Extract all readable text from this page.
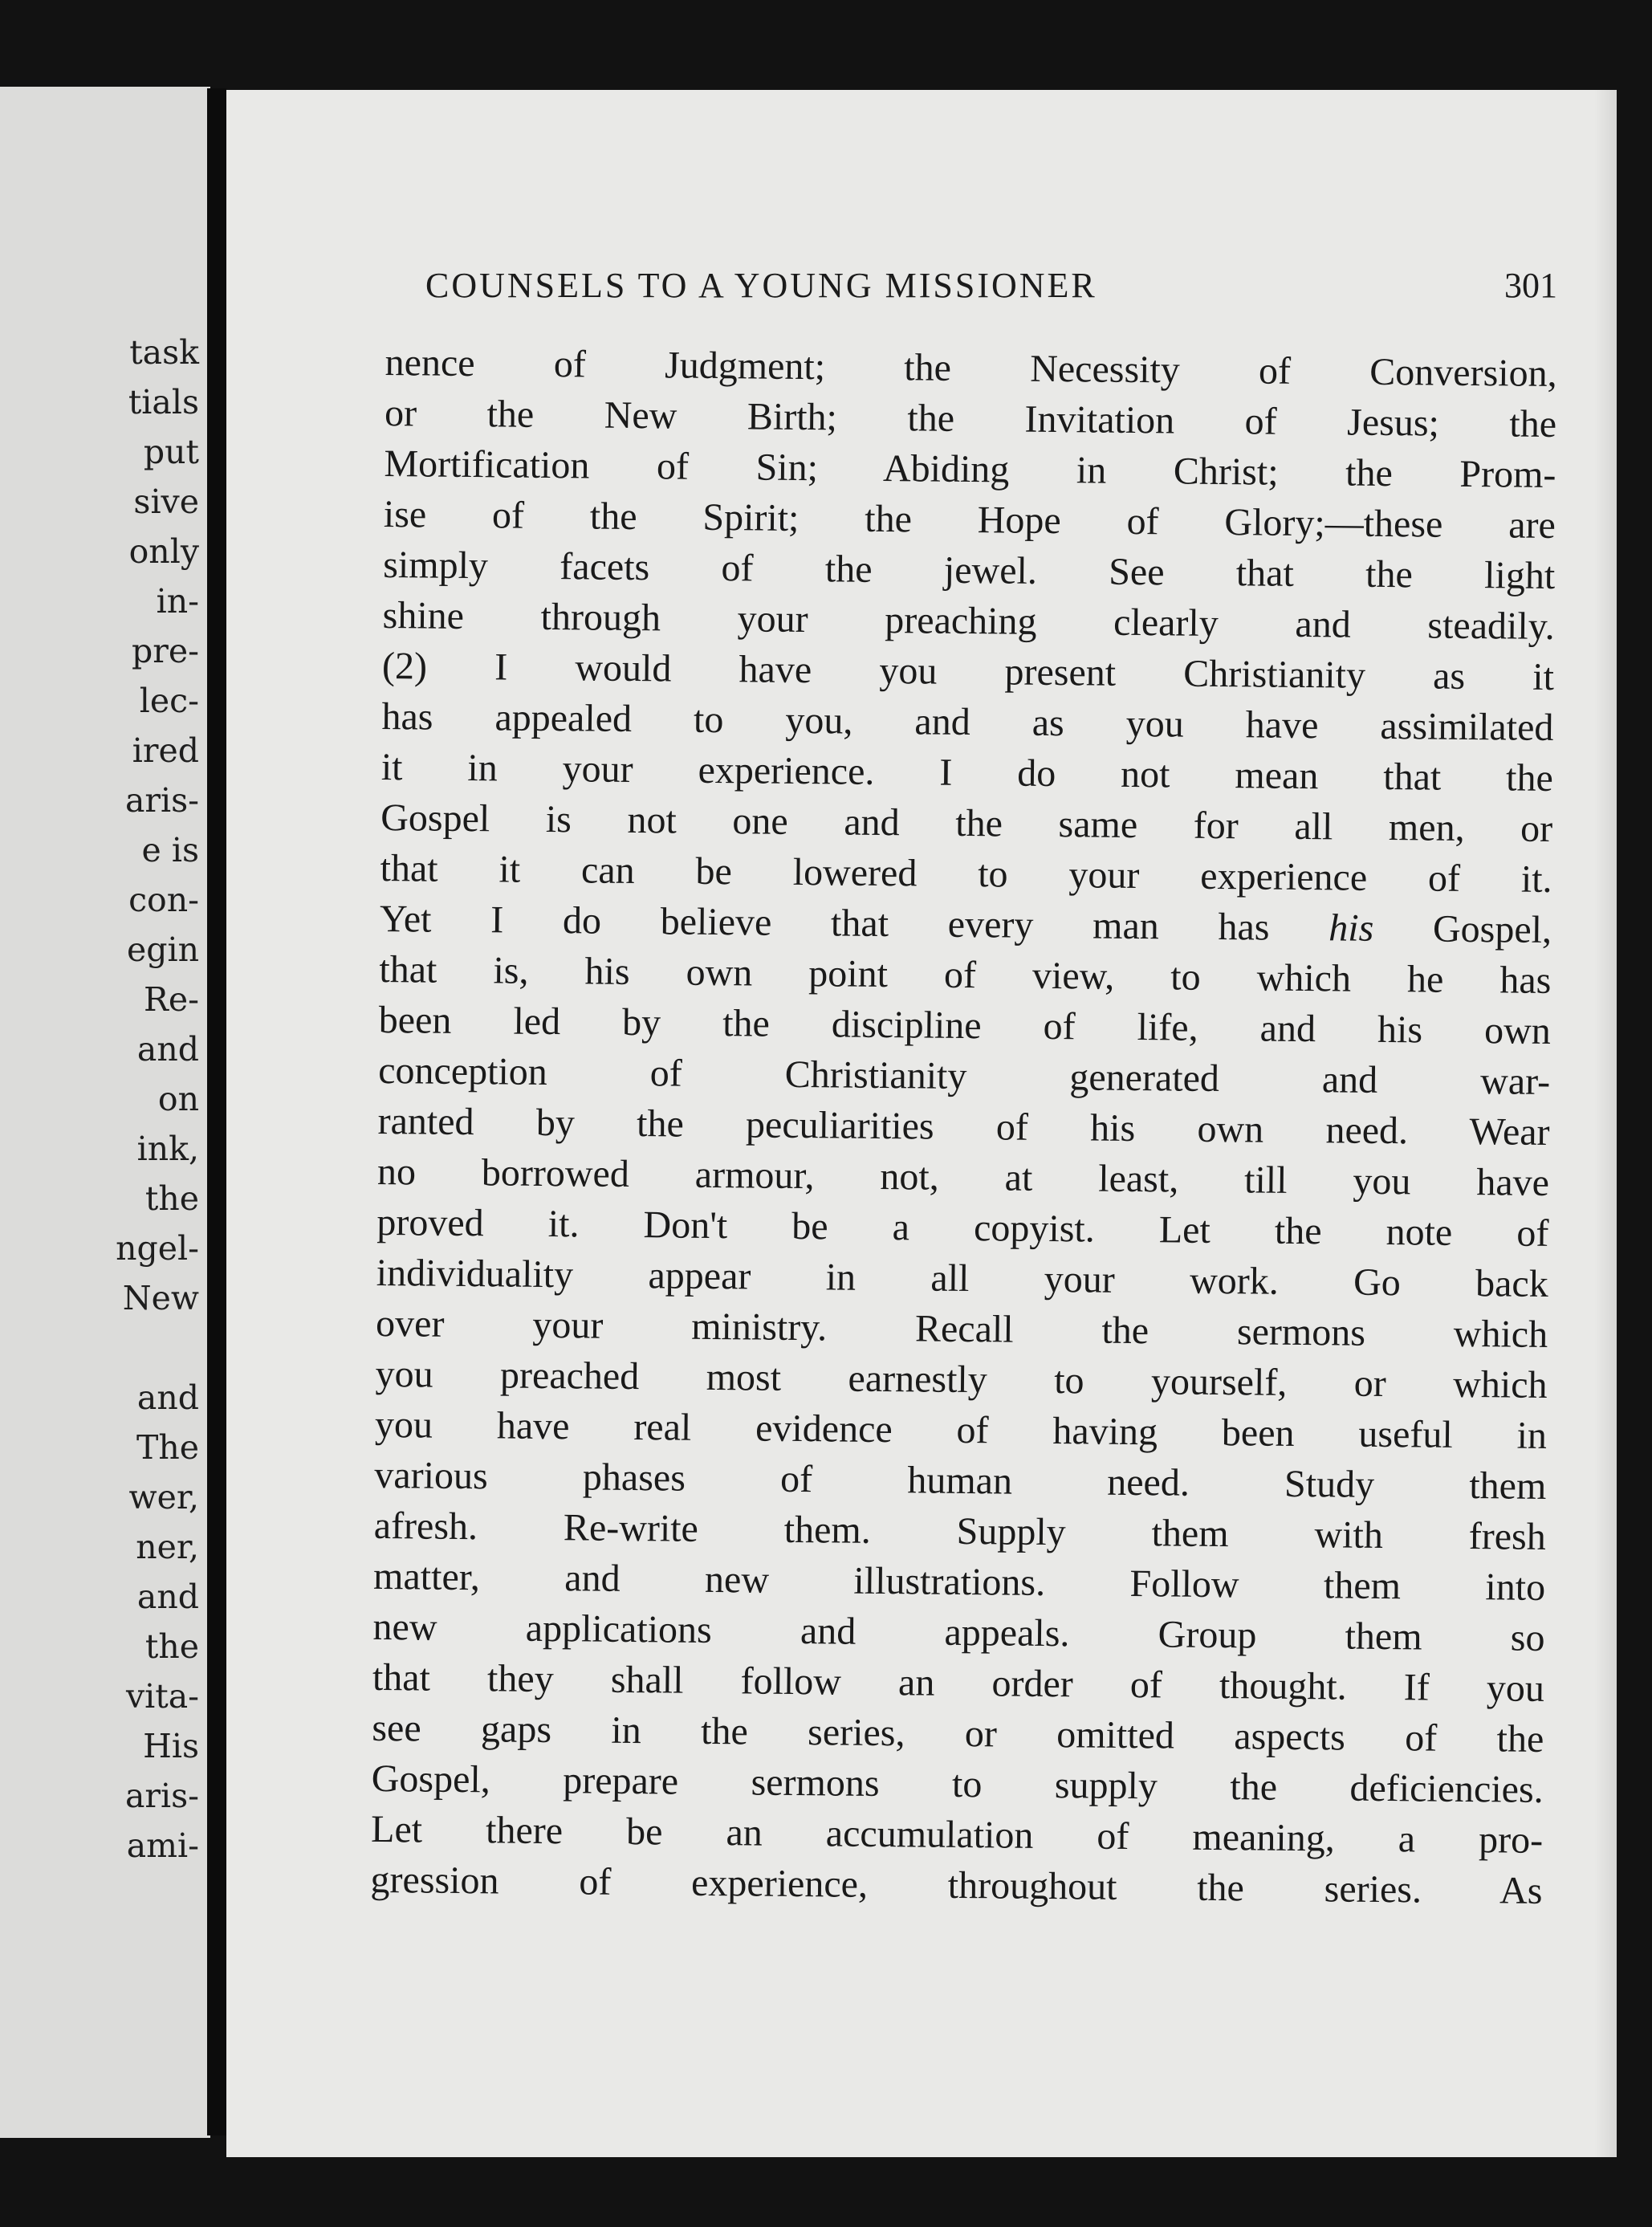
task
tials
put
sive
only
in-
pre-
lec-
ired
aris-
e is
con-
egin
Re-
and
on
ink,
the
ngel-
New
and
The
wer,
ner,
and
the
vita-
His
aris-
ami-
COUNSELS TO A YOUNG MISSIONER	301
nence of Judgment; the Necessity of Conversion,
or the New Birth; the Invitation of Jesus; the
Mortification of Sin; Abiding in Christ; the Prom-
ise of the Spirit; the Hope of Glory;—these are
simply facets of the jewel. See that the light
shine through your preaching clearly and steadily.
(2) I would have you present Christianity as it
has appealed to you, and as you have assimilated
it in your experience. I do not mean that the
Gospel is not one and the same for all men, or
that it can be lowered to your experience of it.
Yet I do believe that every man has his Gospel,
that is, his own point of view, to which he has
been led by the discipline of life, and his own
conception of Christianity generated and war-
ranted by the peculiarities of his own need. Wear
no borrowed armour, not, at least, till you have
proved it. Don't be a copyist. Let the note of
individuality appear in all your work. Go back
over your ministry. Recall the sermons which
you preached most earnestly to yourself, or which
you have real evidence of having been useful in
various phases of human need. Study them
afresh. Re-write them. Supply them with fresh
matter, and new illustrations. Follow them into
new applications and appeals. Group them so
that they shall follow an order of thought. If you
see gaps in the series, or omitted aspects of the
Gospel, prepare sermons to supply the deficiencies.
Let there be an accumulation of meaning, a pro-
gression of experience, throughout the series. As
